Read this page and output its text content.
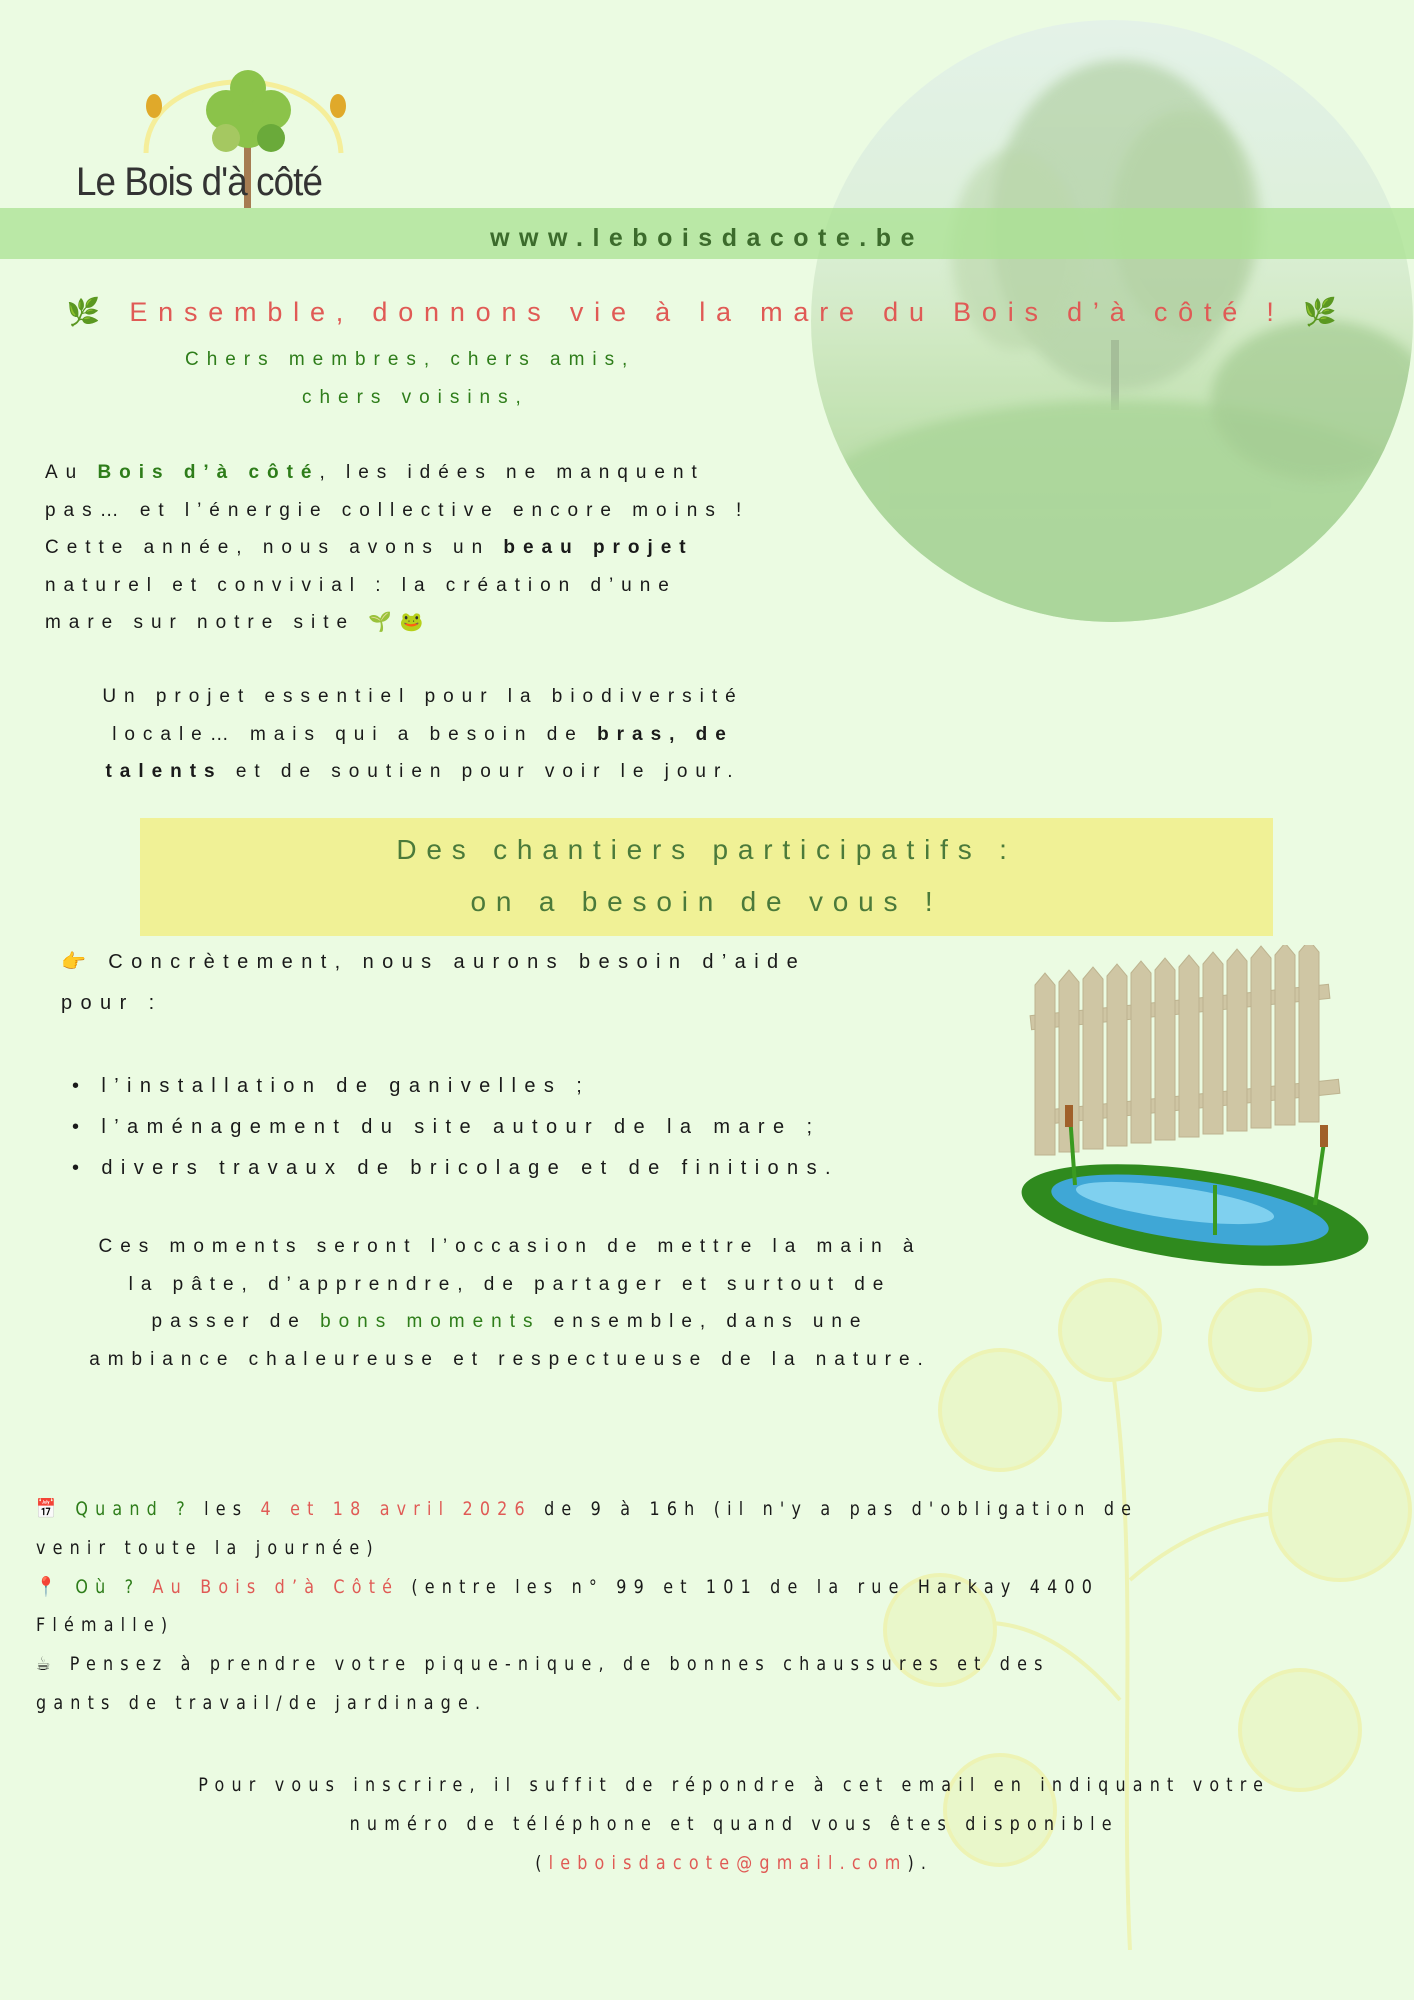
Le Bois d'à côté
www.leboisdacote.be
🌿 Ensemble, donnons vie à la mare du Bois d’à côté ! 🌿
Chers membres, chers amis,
chers voisins,
Au Bois d’à côté, les idées ne manquent
pas… et l’énergie collective encore moins !
Cette année, nous avons un beau projet
naturel et convivial : la création d’une
mare sur notre site 🌱🐸
Un projet essentiel pour la biodiversité
locale… mais qui a besoin de bras, de
talents et de soutien pour voir le jour.
Des chantiers participatifs :
on a besoin de vous !
👉 Concrètement, nous aurons besoin d’aide
pour :
• l’installation de ganivelles ;
• l’aménagement du site autour de la mare ;
• divers travaux de bricolage et de finitions.
Ces moments seront l’occasion de mettre la main à
la pâte, d’apprendre, de partager et surtout de
passer de bons moments ensemble, dans une
ambiance chaleureuse et respectueuse de la nature.
📅 Quand ? les 4 et 18 avril 2026 de 9 à 16h (il n'y a pas d'obligation de
venir toute la journée)
📍 Où ? Au Bois d’à Côté (entre les n° 99 et 101 de la rue Harkay 4400
Flémalle)
☕ Pensez à prendre votre pique-nique, de bonnes chaussures et des
gants de travail/de jardinage.
Pour vous inscrire, il suffit de répondre à cet email en indiquant votre
numéro de téléphone et quand vous êtes disponible
(leboisdacote@gmail.com).
